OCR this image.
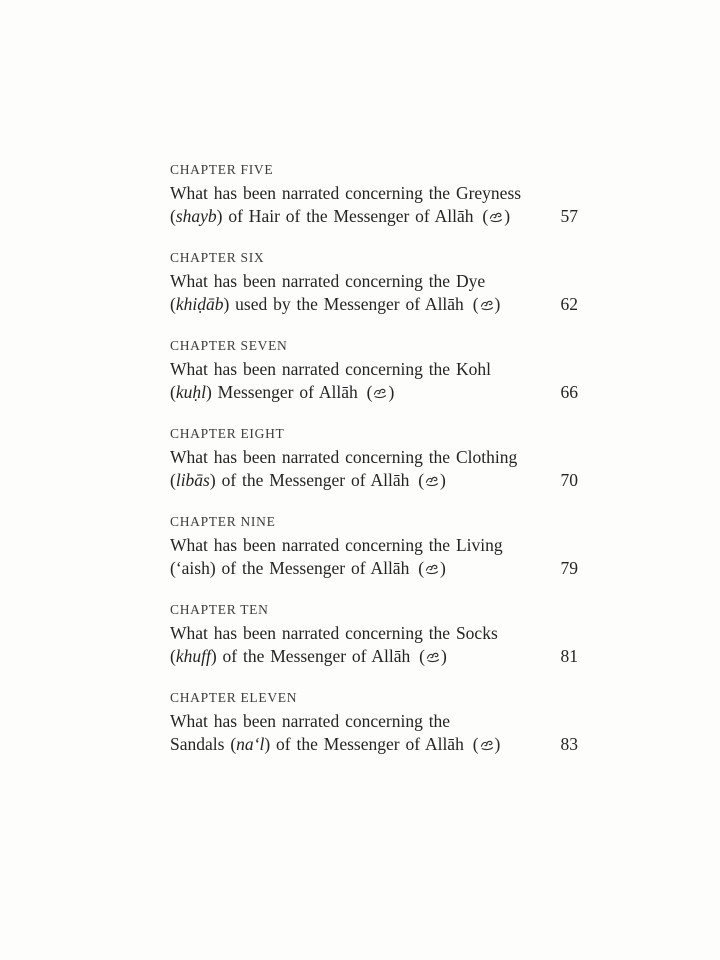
CHAPTER FIVE
What has been narrated concerning the Greyness
(shayb) of Hair of the Messenger of Allāh ( )	57
CHAPTER SIX
What has been narrated concerning the Dye
(khiḍāb) used by the Messenger of Allāh ( )	62
CHAPTER SEVEN
What has been narrated concerning the Kohl
(kuḥl) Messenger of Allāh ( )	66
CHAPTER EIGHT
What has been narrated concerning the Clothing
(libās) of the Messenger of Allāh ( )	70
CHAPTER NINE
What has been narrated concerning the Living
(‘aish) of the Messenger of Allāh ( )	79
CHAPTER TEN
What has been narrated concerning the Socks
(khuff) of the Messenger of Allāh ( )	81
CHAPTER ELEVEN
What has been narrated concerning the
Sandals (na‘l) of the Messenger of Allāh ( )	83
